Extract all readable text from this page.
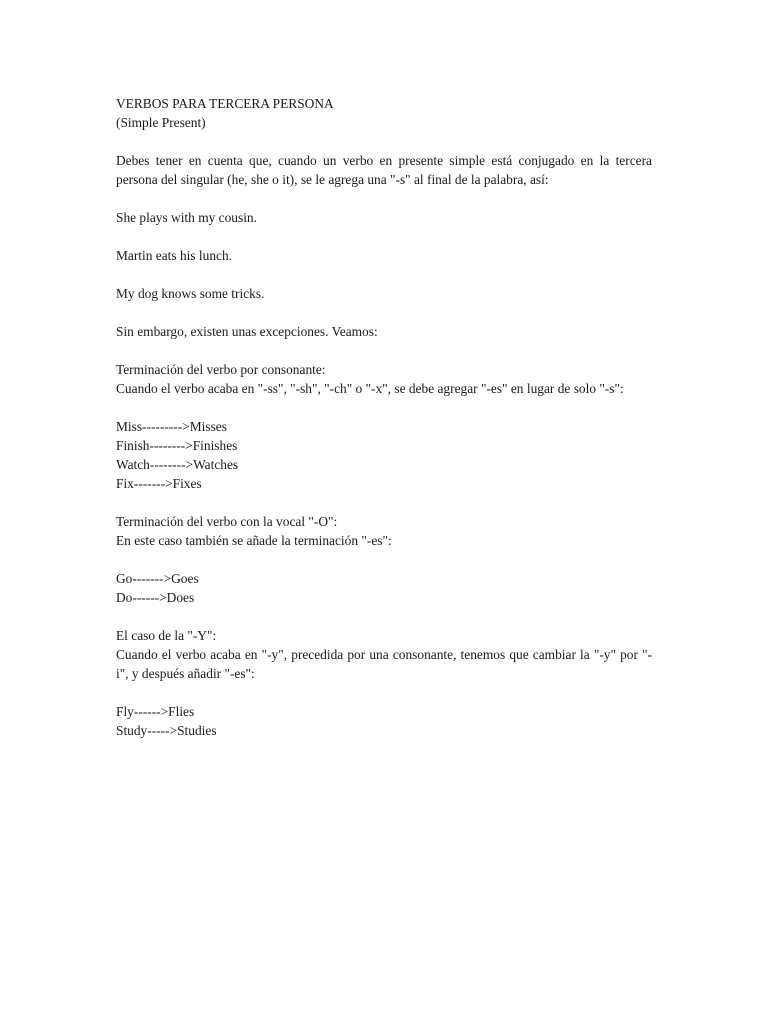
VERBOS PARA TERCERA PERSONA
(Simple Present)
Debes tener en cuenta que, cuando un verbo en presente simple está conjugado en la tercera
persona del singular (he, she o it), se le agrega una "-s" al final de la palabra, así:
She plays with my cousin.
Martin eats his lunch.
My dog knows some tricks.
Sin embargo, existen unas excepciones. Veamos:
Terminación del verbo por consonante:
Cuando el verbo acaba en "-ss", "-sh", "-ch" o "-x", se debe agregar "-es" en lugar de solo "-s":
Miss--------->Misses
Finish-------->Finishes
Watch-------->Watches
Fix------->Fixes
Terminación del verbo con la vocal "-O":
En este caso también se añade la terminación "-es":
Go------->Goes
Do------>Does
El caso de la "-Y":
Cuando el verbo acaba en "-y", precedida por una consonante, tenemos que cambiar la "-y" por "-
i", y después añadir "-es":
Fly------>Flies
Study----->Studies
